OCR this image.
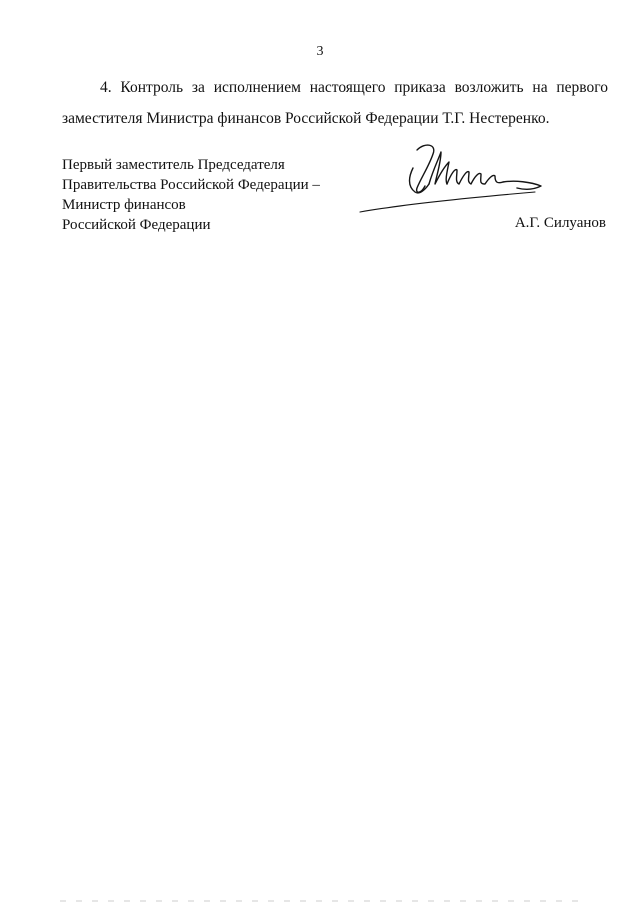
3
4. Контроль за исполнением настоящего приказа возложить на первого
заместителя Министра финансов Российской Федерации Т.Г. Нестеренко.
Первый заместитель Председателя
Правительства Российской Федерации –
Министр финансов
Российской Федерации	А.Г. Силуанов
